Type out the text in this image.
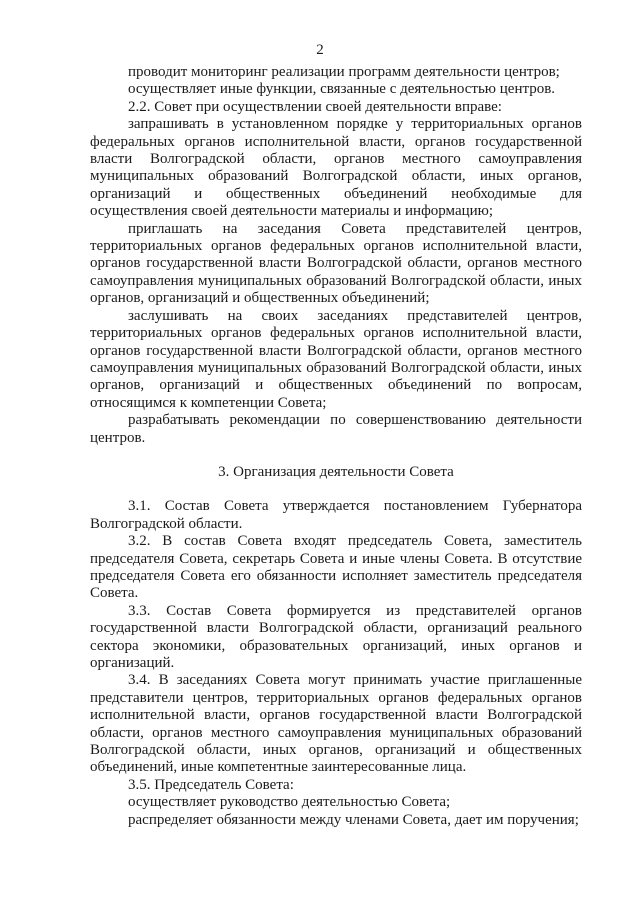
2

проводит мониторинг реализации программ деятельности центров;

осуществляет иные функции, связанные с деятельностью центров.

2.2. Совет при осуществлении своей деятельности вправе:

запрашивать в установленном порядке у территориальных органов федеральных органов исполнительной власти, органов государственной власти Волгоградской области, органов местного самоуправления муниципальных образований Волгоградской области, иных органов, организаций и общественных объединений необходимые для осуществления своей деятельности материалы и информацию;

приглашать на заседания Совета представителей центров, территориальных органов федеральных органов исполнительной власти, органов государственной власти Волгоградской области, органов местного самоуправления муниципальных образований Волгоградской области, иных органов, организаций и общественных объединений;

заслушивать на своих заседаниях представителей центров, территориальных органов федеральных органов исполнительной власти, органов государственной власти Волгоградской области, органов местного самоуправления муниципальных образований Волгоградской области, иных органов, организаций и общественных объединений по вопросам, относящимся к компетенции Совета;

разрабатывать рекомендации по совершенствованию деятельности центров.

3. Организация деятельности Совета

3.1. Состав Совета утверждается постановлением Губернатора Волгоградской области.

3.2. В состав Совета входят председатель Совета, заместитель председателя Совета, секретарь Совета и иные члены Совета. В отсутствие председателя Совета его обязанности исполняет заместитель председателя Совета.

3.3. Состав Совета формируется из представителей органов государственной власти Волгоградской области, организаций реального сектора экономики, образовательных организаций, иных органов и организаций.

3.4. В заседаниях Совета могут принимать участие приглашенные представители центров, территориальных органов федеральных органов исполнительной власти, органов государственной власти Волгоградской области, органов местного самоуправления муниципальных образований Волгоградской области, иных органов, организаций и общественных объединений, иные компетентные заинтересованные лица.

3.5. Председатель Совета:

осуществляет руководство деятельностью Совета;

распределяет обязанности между членами Совета, дает им поручения;
